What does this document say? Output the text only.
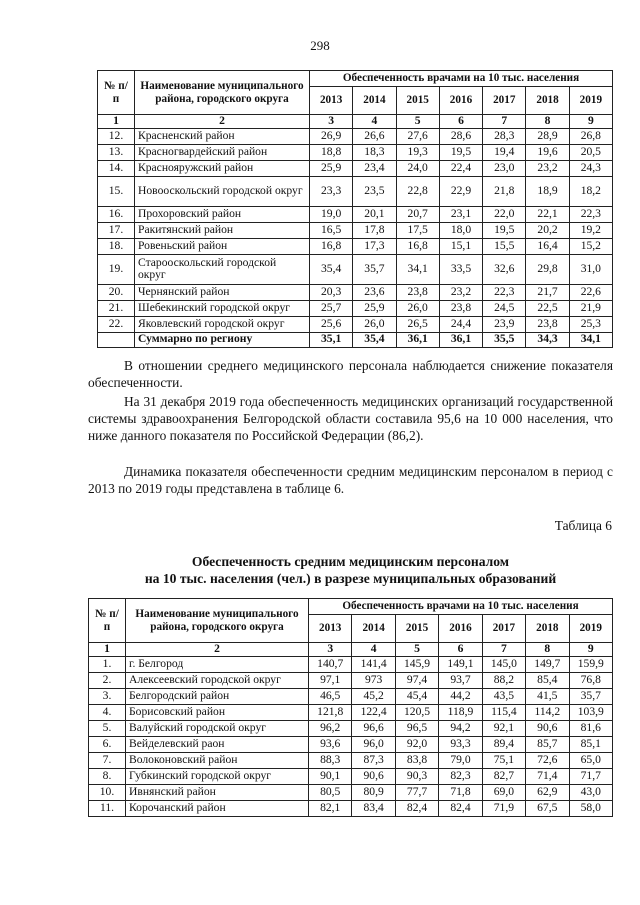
298
№ п/п	Наименование муниципального района, городского округа	Обеспеченность врачами на 10 тыс. населения						
		2013	2014	2015	2016	2017	2018	2019
1	2	3	4	5	6	7	8	9
12.	Красненский район	26,9	26,6	27,6	28,6	28,3	28,9	26,8
13.	Красногвардейский район	18,8	18,3	19,3	19,5	19,4	19,6	20,5
14.	Краснояружский район	25,9	23,4	24,0	22,4	23,0	23,2	24,3
15.	Новооскольский городской округ	23,3	23,5	22,8	22,9	21,8	18,9	18,2
16.	Прохоровский район	19,0	20,1	20,7	23,1	22,0	22,1	22,3
17.	Ракитянский район	16,5	17,8	17,5	18,0	19,5	20,2	19,2
18.	Ровеньский район	16,8	17,3	16,8	15,1	15,5	16,4	15,2
19.	Старооскольский городской округ	35,4	35,7	34,1	33,5	32,6	29,8	31,0
20.	Чернянский район	20,3	23,6	23,8	23,2	22,3	21,7	22,6
21.	Шебекинский городской округ	25,7	25,9	26,0	23,8	24,5	22,5	21,9
22.	Яковлевский городской округ	25,6	26,0	26,5	24,4	23,9	23,8	25,3
	Суммарно по региону	35,1	35,4	36,1	36,1	35,5	34,3	34,1
В отношении среднего медицинского персонала наблюдается снижение показателя обеспеченности.
На 31 декабря 2019 года обеспеченность медицинских организаций государственной системы здравоохранения Белгородской области составила 95,6 на 10 000 населения, что ниже данного показателя по Российской Федерации (86,2).
Динамика показателя обеспеченности средним медицинским персоналом в период с 2013 по 2019 годы представлена в таблице 6.
Таблица 6
Обеспеченность средним медицинским персоналом
на 10 тыс. населения (чел.) в разрезе муниципальных образований
№ п/п	Наименование муниципального района, городского округа	Обеспеченность врачами на 10 тыс. населения						
		2013	2014	2015	2016	2017	2018	2019
1	2	3	4	5	6	7	8	9
1.	г. Белгород	140,7	141,4	145,9	149,1	145,0	149,7	159,9
2.	Алексеевский городской округ	97,1	973	97,4	93,7	88,2	85,4	76,8
3.	Белгородский район	46,5	45,2	45,4	44,2	43,5	41,5	35,7
4.	Борисовский район	121,8	122,4	120,5	118,9	115,4	114,2	103,9
5.	Валуйский городской округ	96,2	96,6	96,5	94,2	92,1	90,6	81,6
6.	Вейделевский раон	93,6	96,0	92,0	93,3	89,4	85,7	85,1
7.	Волоконовский район	88,3	87,3	83,8	79,0	75,1	72,6	65,0
8.	Губкинский городской округ	90,1	90,6	90,3	82,3	82,7	71,4	71,7
10.	Ивнянский район	80,5	80,9	77,7	71,8	69,0	62,9	43,0
11.	Корочанский район	82,1	83,4	82,4	82,4	71,9	67,5	58,0
